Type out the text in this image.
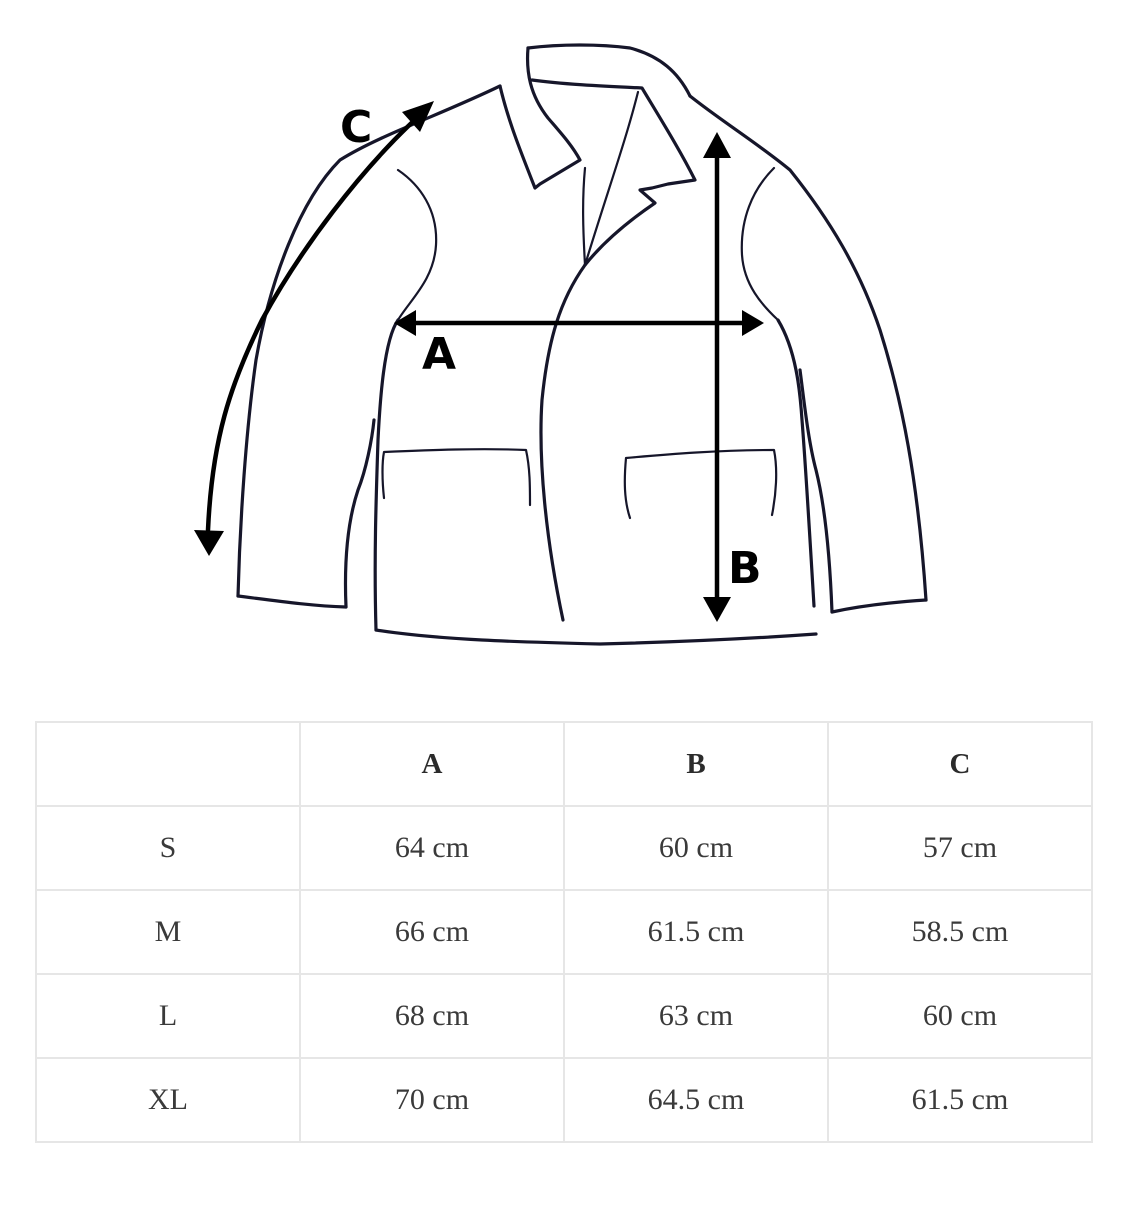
A
B
C
	A	B	C
S	64 cm	60 cm	57 cm
M	66 cm	61.5 cm	58.5 cm
L	68 cm	63 cm	60 cm
XL	70 cm	64.5 cm	61.5 cm
